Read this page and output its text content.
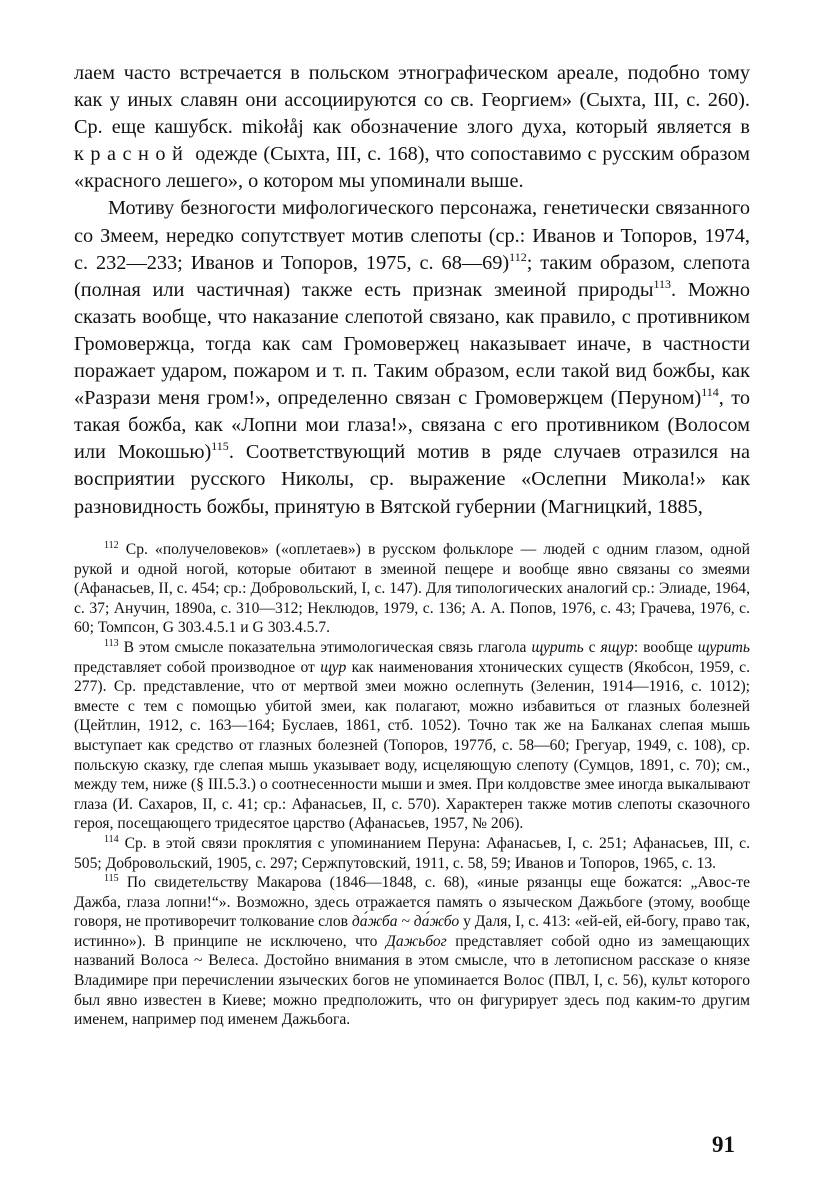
лаем часто встречается в польском этнографическом ареале, подобно тому как у иных славян они ассоциируются со св. Георгием» (Сыхта, III, с. 260). Ср. еще кашубск. mikołåj как обозначение злого духа, который является в красной одежде (Сыхта, III, с. 168), что сопоставимо с русским образом «красного лешего», о котором мы упоминали выше.

Мотиву безногости мифологического персонажа, генетически связанного со Змеем, нередко сопутствует мотив слепоты (ср.: Иванов и Топоров, 1974, с. 232—233; Иванов и Топоров, 1975, с. 68—69)$^{112}$; таким образом, слепота (полная или частичная) также есть признак змеиной природы$^{113}$. Можно сказать вообще, что наказание слепотой связано, как правило, с противником Громовержца, тогда как сам Громовержец наказывает иначе, в частности поражает ударом, пожаром и т. п. Таким образом, если такой вид божбы, как «Разрази меня гром!», определенно связан с Громовержцем (Перуном)$^{114}$, то такая божба, как «Лопни мои глаза!», связана с его противником (Волосом или Мокошью)$^{115}$. Соответствующий мотив в ряде случаев отразился на восприятии русского Николы, ср. выражение «Ослепни Микола!» как разновидность божбы, принятую в Вятской губернии (Магницкий, 1885,

$^{112}$ Ср. «получеловеков» («оплетаев») в русском фольклоре — людей с одним глазом, одной рукой и одной ногой, которые обитают в змеиной пещере и вообще явно связаны со змеями (Афанасьев, II, с. 454; ср.: Добровольский, I, с. 147). Для типологических аналогий ср.: Элиаде, 1964, с. 37; Анучин, 1890а, с. 310—312; Неклюдов, 1979, с. 136; А. А. Попов, 1976, с. 43; Грачева, 1976, с. 60; Томпсон, G 303.4.5.1 и G 303.4.5.7.

$^{113}$ В этом смысле показательна этимологическая связь глагола щурить с ящур: вообще щурить представляет собой производное от щур как наименования хтонических существ (Якобсон, 1959, с. 277). Ср. представление, что от мертвой змеи можно ослепнуть (Зеленин, 1914—1916, с. 1012); вместе с тем с помощью убитой змеи, как полагают, можно избавиться от глазных болезней (Цейтлин, 1912, с. 163—164; Буслаев, 1861, стб. 1052). Точно так же на Балканах слепая мышь выступает как средство от глазных болезней (Топоров, 1977б, с. 58—60; Грегуар, 1949, с. 108), ср. польскую сказку, где слепая мышь указывает воду, исцеляющую слепоту (Сумцов, 1891, с. 70); см., между тем, ниже (§ III.5.3.) о соотнесенности мыши и змея. При колдовстве змее иногда выкалывают глаза (И. Сахаров, II, с. 41; ср.: Афанасьев, II, с. 570). Характерен также мотив слепоты сказочного героя, посещающего тридесятое царство (Афанасьев, 1957, № 206).

$^{114}$ Ср. в этой связи проклятия с упоминанием Перуна: Афанасьев, I, с. 251; Афанасьев, III, с. 505; Добровольский, 1905, с. 297; Сержпутовский, 1911, с. 58, 59; Иванов и Топоров, 1965, с. 13.

$^{115}$ По свидетельству Макарова (1846—1848, с. 68), «иные рязанцы еще божатся: „Авос-те Дажба, глаза лопни!“». Возможно, здесь отражается память о языческом Дажьбоге (этому, вообще говоря, не противоречит толкование слов да́жба ~ да́жбо у Даля, I, с. 413: «ей-ей, ей-богу, право так, истинно»). В принципе не исключено, что Дажьбог представляет собой одно из замещающих названий Волоса ~ Велеса. Достойно внимания в этом смысле, что в летописном рассказе о князе Владимире при перечислении языческих богов не упоминается Волос (ПВЛ, I, с. 56), культ которого был явно известен в Киеве; можно предположить, что он фигурирует здесь под каким-то другим именем, например под именем Дажьбога.

91
